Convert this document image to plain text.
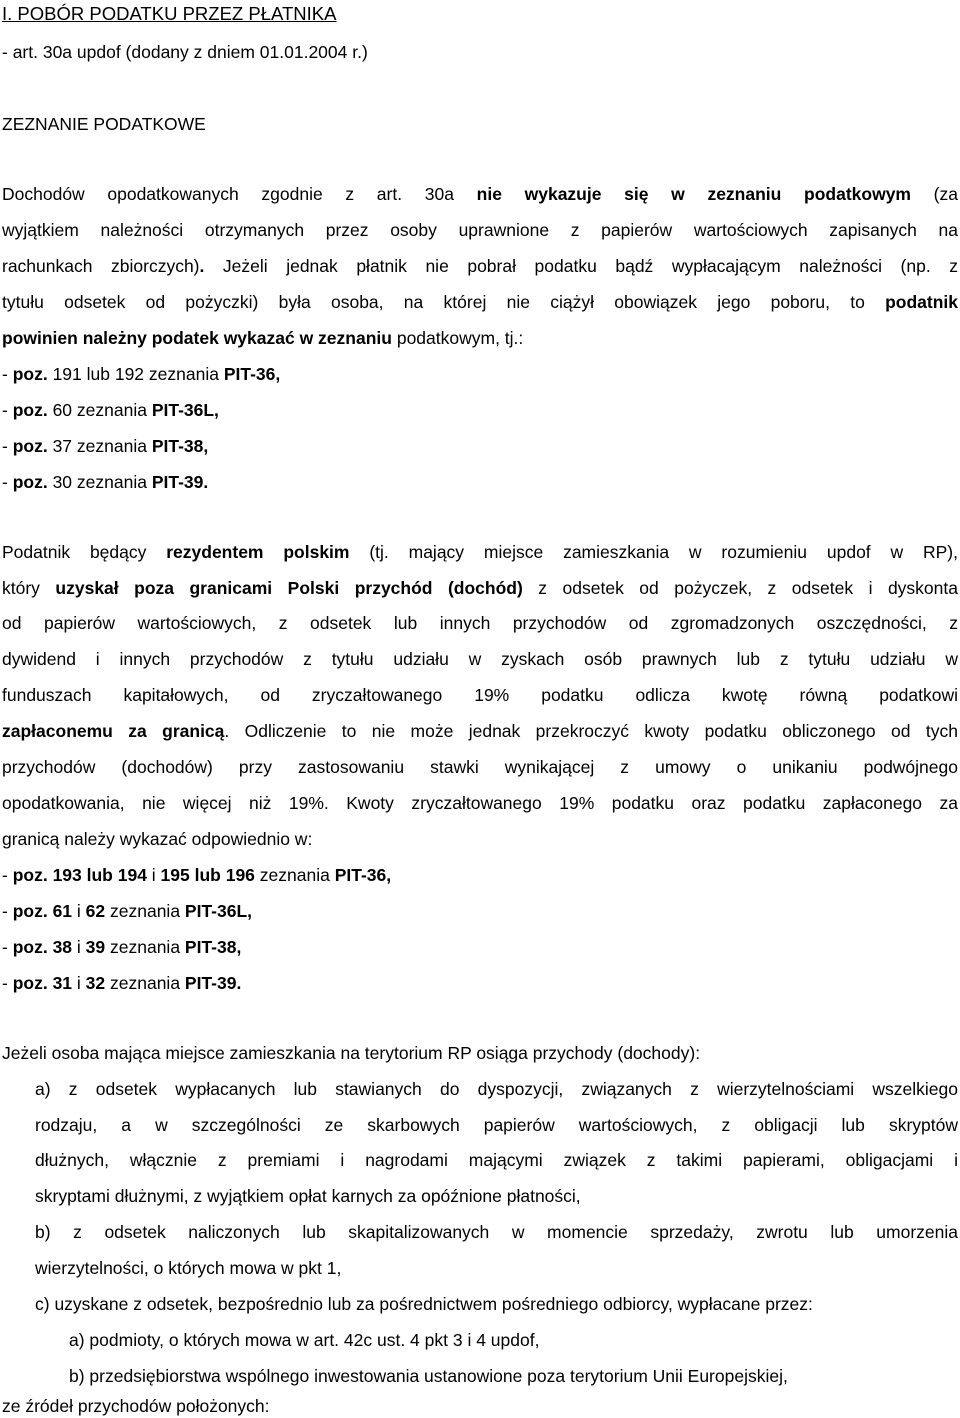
I. POBÓR PODATKU PRZEZ PŁATNIKA
- art. 30a updof (dodany z dniem 01.01.2004 r.)
ZEZNANIE PODATKOWE
Dochodów opodatkowanych zgodnie z art. 30a nie wykazuje się w zeznaniu podatkowym (za
wyjątkiem należności otrzymanych przez osoby uprawnione z papierów wartościowych zapisanych na
rachunkach zbiorczych). Jeżeli jednak płatnik nie pobrał podatku bądź wypłacającym należności (np. z
tytułu odsetek od pożyczki) była osoba, na której nie ciążył obowiązek jego poboru, to podatnik
powinien należny podatek wykazać w zeznaniu podatkowym, tj.:
- poz. 191 lub 192 zeznania PIT-36,
- poz. 60 zeznania PIT-36L,
- poz. 37 zeznania PIT-38,
- poz. 30 zeznania PIT-39.
Podatnik będący rezydentem polskim (tj. mający miejsce zamieszkania w rozumieniu updof w RP),
który uzyskał poza granicami Polski przychód (dochód) z odsetek od pożyczek, z odsetek i dyskonta
od papierów wartościowych, z odsetek lub innych przychodów od zgromadzonych oszczędności, z
dywidend i innych przychodów z tytułu udziału w zyskach osób prawnych lub z tytułu udziału w
funduszach kapitałowych, od zryczałtowanego 19% podatku odlicza kwotę równą podatkowi
zapłaconemu za granicą. Odliczenie to nie może jednak przekroczyć kwoty podatku obliczonego od tych
przychodów (dochodów) przy zastosowaniu stawki wynikającej z umowy o unikaniu podwójnego
opodatkowania, nie więcej niż 19%. Kwoty zryczałtowanego 19% podatku oraz podatku zapłaconego za
granicą należy wykazać odpowiednio w:
- poz. 193 lub 194 i 195 lub 196 zeznania PIT-36,
- poz. 61 i 62 zeznania PIT-36L,
- poz. 38 i 39 zeznania PIT-38,
- poz. 31 i 32 zeznania PIT-39.
Jeżeli osoba mająca miejsce zamieszkania na terytorium RP osiąga przychody (dochody):
a) z odsetek wypłacanych lub stawianych do dyspozycji, związanych z wierzytelnościami wszelkiego
rodzaju, a w szczególności ze skarbowych papierów wartościowych, z obligacji lub skryptów
dłużnych, włącznie z premiami i nagrodami mającymi związek z takimi papierami, obligacjami i
skryptami dłużnymi, z wyjątkiem opłat karnych za opóźnione płatności,
b) z odsetek naliczonych lub skapitalizowanych w momencie sprzedaży, zwrotu lub umorzenia
wierzytelności, o których mowa w pkt 1,
c) uzyskane z odsetek, bezpośrednio lub za pośrednictwem pośredniego odbiorcy, wypłacane przez:
a) podmioty, o których mowa w art. 42c ust. 4 pkt 3 i 4 updof,
b) przedsiębiorstwa wspólnego inwestowania ustanowione poza terytorium Unii Europejskiej,
ze źródeł przychodów położonych:
